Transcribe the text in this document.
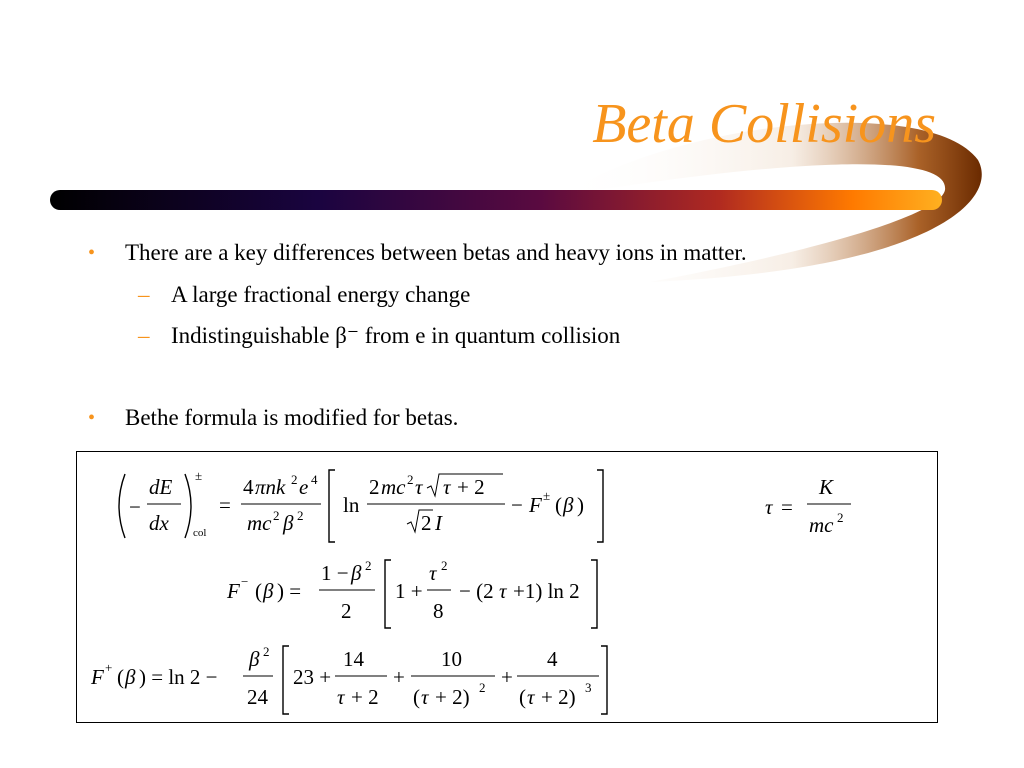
Beta Collisions
• There are a key differences between betas and heavy ions in matter.
– A large fractional energy change
– Indistinguishable β⁻ from e in quantum collision
• Bethe formula is modified for betas.
−
dE
dx
±
col
=
4 πnk 2 e 4
mc 2 β 2 ln
2 mc 2 τ τ + 2
2 I
− F ± ( β )	τ =
K
mc 2
F − ( β ) =
1 − β 2
2
1 +
τ 2
8
− (2 τ +1) ln 2
F + ( β ) = ln 2 −
β 2
24
23 +
14
τ + 2
+
10
( τ + 2) 2 +
4
( τ + 2) 3
